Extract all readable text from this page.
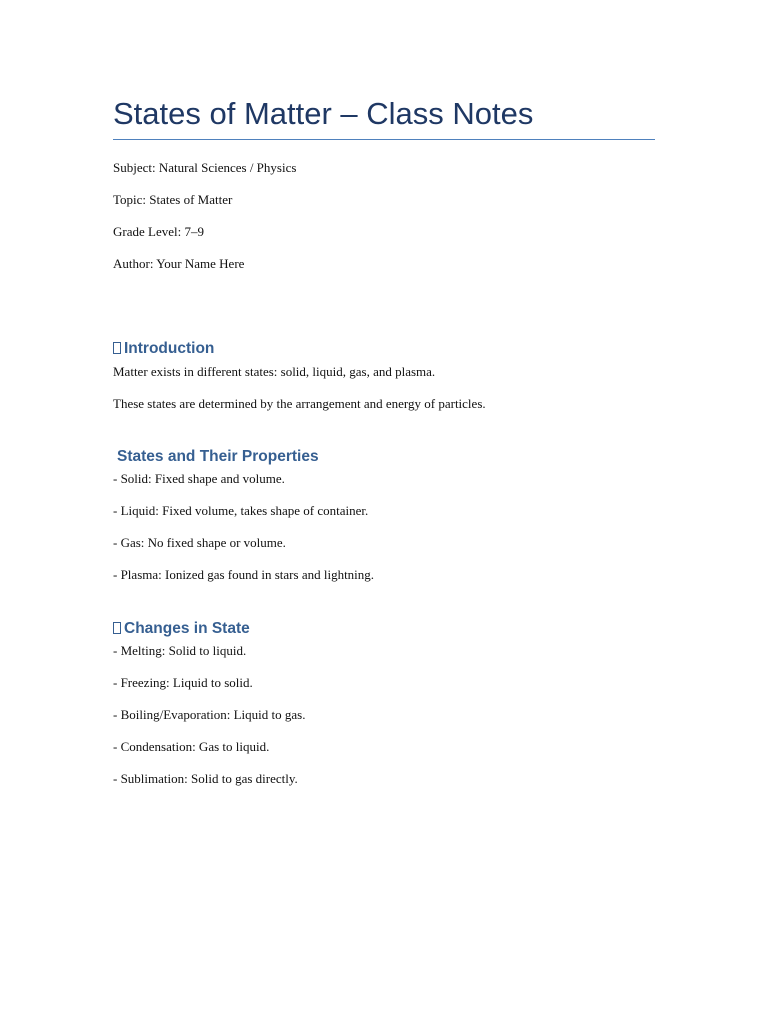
States of Matter – Class Notes
Subject: Natural Sciences / Physics
Topic: States of Matter
Grade Level: 7–9
Author: Your Name Here
Introduction
Matter exists in different states: solid, liquid, gas, and plasma.
These states are determined by the arrangement and energy of particles.
States and Their Properties
- Solid: Fixed shape and volume.
- Liquid: Fixed volume, takes shape of container.
- Gas: No fixed shape or volume.
- Plasma: Ionized gas found in stars and lightning.
Changes in State
- Melting: Solid to liquid.
- Freezing: Liquid to solid.
- Boiling/Evaporation: Liquid to gas.
- Condensation: Gas to liquid.
- Sublimation: Solid to gas directly.
